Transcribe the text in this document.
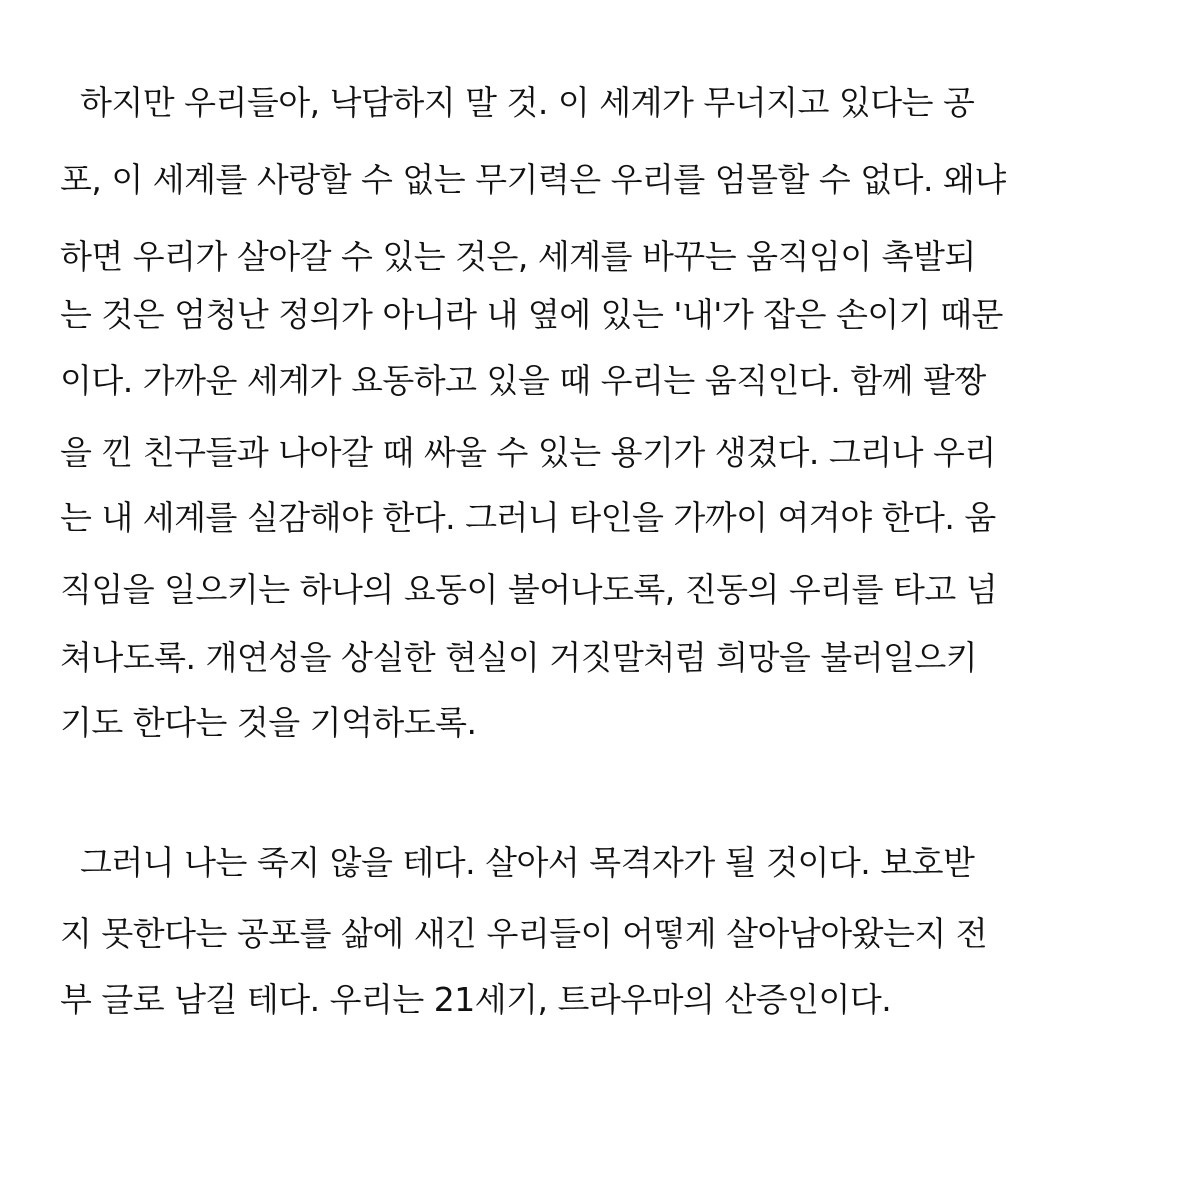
하지만 우리들아, 낙담하지 말 것. 이 세계가 무너지고 있다는 공

포, 이 세계를 사랑할 수 없는 무기력은 우리를 엄몰할 수 없다. 왜냐

하면 우리가 살아갈 수 있는 것은, 세계를 바꾸는 움직임이 촉발되

는 것은 엄청난 정의가 아니라 내 옆에 있는 '내'가 잡은 손이기 때문

이다. 가까운 세계가 요동하고 있을 때 우리는 움직인다. 함께 팔짱

을 낀 친구들과 나아갈 때 싸울 수 있는 용기가 생겼다. 그리나 우리

는 내 세계를 실감해야 한다. 그러니 타인을 가까이 여겨야 한다. 움

직임을 일으키는 하나의 요동이 불어나도록, 진동의 우리를 타고 넘

쳐나도록. 개연성을 상실한 현실이 거짓말처럼 희망을 불러일으키

기도 한다는 것을 기억하도록.

그러니 나는 죽지 않을 테다. 살아서 목격자가 될 것이다. 보호받

지 못한다는 공포를 삶에 새긴 우리들이 어떻게 살아남아왔는지 전

부 글로 남길 테다. 우리는 21세기, 트라우마의 산증인이다.
